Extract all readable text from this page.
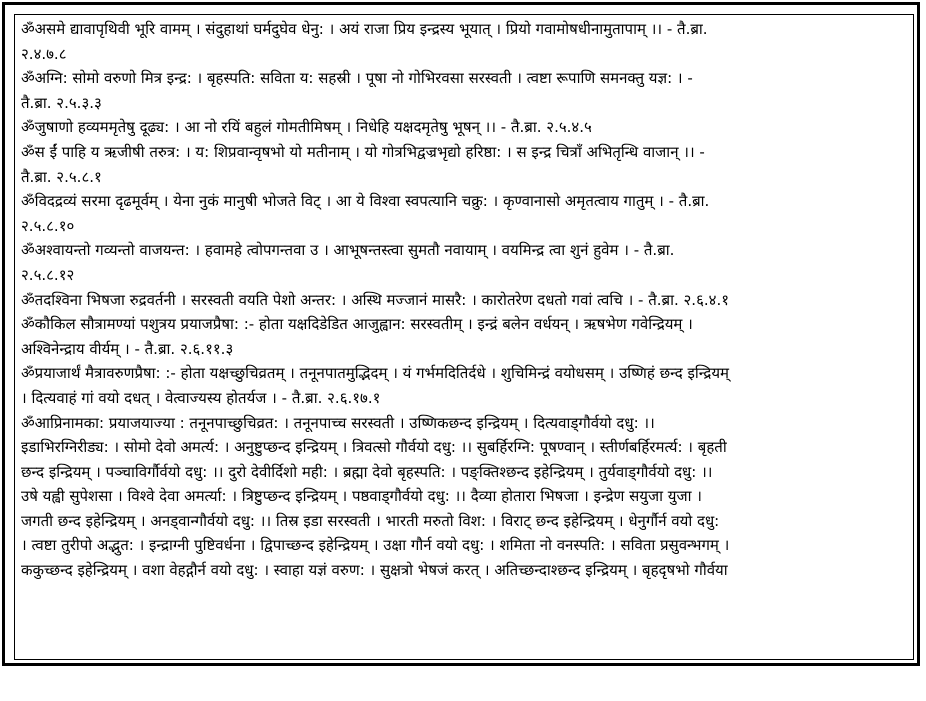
ॐअसमे द्यावापृथिवी भूरि वामम् । संदुहाथां घर्मदुघेव धेनु: । अयं राजा प्रिय इन्द्रस्य भूयात् । प्रियो गवामोषधीनामुतापाम् ।। - तै.ब्रा.
२.४.७.८
ॐअग्नि: सोमो वरुणो मित्र इन्द्र: । बृहस्पति: सविता य: सहस्री । पूषा नो गोभिरवसा सरस्वती । त्वष्टा रूपाणि समनक्तु यज्ञ: । -
तै.ब्रा. २.५.३.३
ॐजुषाणो हव्यममृतेषु दूढ्य: । आ नो रयिं बहुलं गोमतीमिषम् । निधेहि यक्षदमृतेषु भूषन् ।। - तै.ब्रा. २.५.४.५
ॐस ईं पाहि य ऋजीषी तरुत्र: । य: शिप्रवान्वृषभो यो मतीनाम् । यो गोत्रभिद्वज्रभृद्यो हरिष्ठा: । स इन्द्र चित्राँ अभितृन्धि वाजान् ।। -
तै.ब्रा. २.५.८.१
ॐविदद्रव्यं सरमा दृढमूर्वम् । येना नुकं मानुषी भोजते विट् । आ ये विश्वा स्वपत्यानि चक्रु: । कृण्वानासो अमृतत्वाय गातुम् । - तै.ब्रा.
२.५.८.१०
ॐअश्वायन्तो गव्यन्तो वाजयन्त: । हवामहे त्वोपगन्तवा उ । आभूषन्तस्त्वा सुमतौ नवायाम् । वयमिन्द्र त्वा शुनं हुवेम । - तै.ब्रा.
२.५.८.१२
ॐतदश्विना भिषजा रुद्रवर्तनी । सरस्वती वयति पेशो अन्तर: । अस्थि मज्जानं मासरै: । कारोतरेण दधतो गवां त्वचि । - तै.ब्रा. २.६.४.१
ॐकौकिल सौत्रामण्यां पशुत्रय प्रयाजप्रैषा: :- होता यक्षदिडेडित आजुह्वान: सरस्वतीम् । इन्द्रं बलेन वर्धयन् । ऋषभेण गवेन्द्रियम् ।
अश्विनेन्द्राय वीर्यम् । - तै.ब्रा. २.६.११.३
ॐप्रयाजार्थं मैत्रावरुणप्रैषा: :- होता यक्षच्छुचिव्रतम् । तनूनपातमुद्भिदम् । यं गर्भमदितिर्दधे । शुचिमिन्द्रं वयोधसम् । उष्णिहं छन्द इन्द्रियम्
। दित्यवाहं गां वयो दधत् । वेत्वाज्यस्य होतर्यज । - तै.ब्रा. २.६.१७.१
ॐआप्रिनामका: प्रयाजयाज्या : तनूनपाच्छुचिव्रत: । तनूनपाच्च सरस्वती । उष्णिकछन्द इन्द्रियम् । दित्यवाड्गौर्वयो दधु: ।।
इडाभिरग्निरीड्य: । सोमो देवो अमर्त्य: । अनुष्टुप्छन्द इन्द्रियम् । त्रिवत्सो गौर्वयो दधु: ।। सुबर्हिरग्नि: पूषण्वान् । स्तीर्णबर्हिरमर्त्य: । बृहती
छन्द इन्द्रियम् । पञ्चाविर्गौर्वयो दधु: ।। दुरो देवीर्दिशो मही: । ब्रह्मा देवो बृहस्पति: । पङ्क्तिश्छन्द इहेन्द्रियम् । तुर्यवाड्गौर्वयो दधु: ।।
उषे यह्वी सुपेशसा । विश्वे देवा अमर्त्या: । त्रिष्टुप्छन्द इन्द्रियम् । पष्ठवाड्गौर्वयो दधु: ।। दैव्या होतारा भिषजा । इन्द्रेण सयुजा युजा ।
जगती छन्द इहेन्द्रियम् । अनड्वान्गौर्वयो दधु: ।। तिस्र इडा सरस्वती । भारती मरुतो विश: । विराट् छन्द इहेन्द्रियम् । धेनुर्गौर्न वयो दधु:
। त्वष्टा तुरीपो अद्भुत: । इन्द्राग्नी पुष्टिवर्धना । द्विपाच्छन्द इहेन्द्रियम् । उक्षा गौर्न वयो दधु: । शमिता नो वनस्पति: । सविता प्रसुवन्भगम् ।
ककुच्छन्द इहेन्द्रियम् । वशा वेहद्गौर्न वयो दधु: । स्वाहा यज्ञं वरुण: । सुक्षत्रो भेषजं करत् । अतिच्छन्दाश्छन्द इन्द्रियम् । बृहदृषभो गौर्वया
